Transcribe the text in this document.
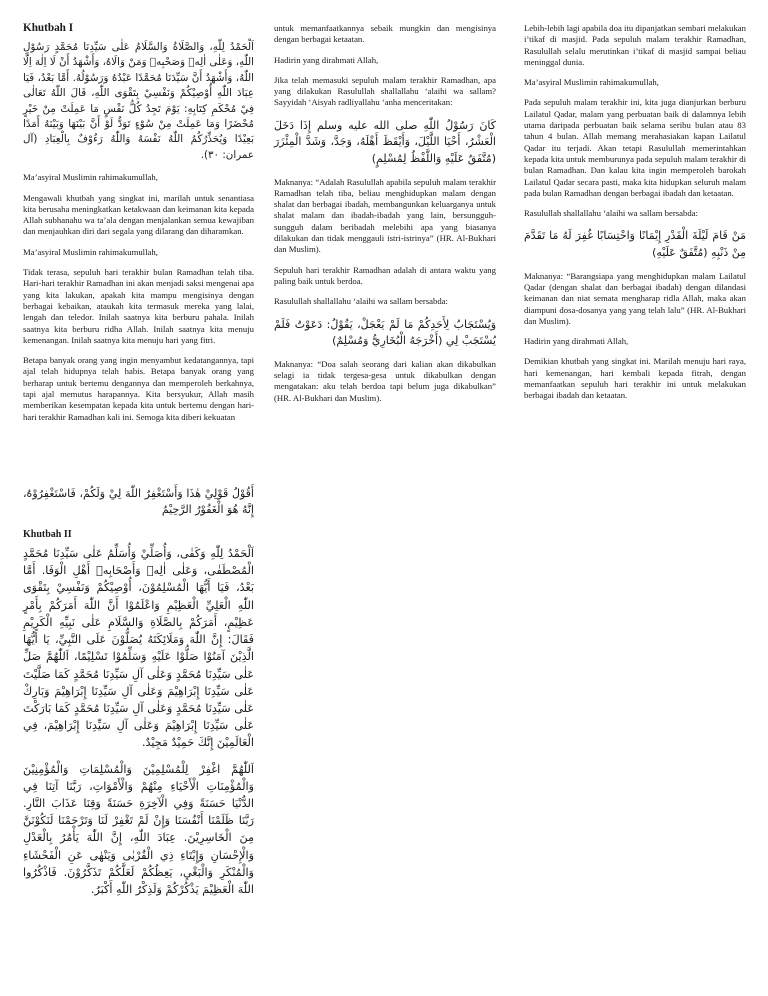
Khutbah I

اَلْحَمْدُ لِلّٰهِ، وَالصَّلَاةُ وَالسَّلَامُ عَلٰى سَيِّدِنَا مُحَمَّدٍ رَسُوْلِ اللّٰهِ، وَعَلٰى اٰلِهٖ وَصَحْبِهٖ وَمَنْ وَالَاهُ، وَأَشْهَدُ أَنْ لَا اِلٰهَ اِلَّا اللّٰهُ، وَأَشْهَدُ أَنَّ سَيِّدَنَا مُحَمَّدًا عَبْدُهُ وَرَسُوْلُهُ. أَمَّا بَعْدُ، فَيَا عِبَادَ اللّٰهِ أُوْصِيْكُمْ وَنَفْسِيْ بِتَقْوَى اللّٰهِ، قَالَ اللّٰهُ تَعَالٰى فِيْ مُحْكَمِ كِتَابِهِ: يَوْمَ تَجِدُ كُلُّ نَفْسٍ مَا عَمِلَتْ مِنْ خَيْرٍ مُحْضَرًا وَمَا عَمِلَتْ مِنْ سُوْءٍ تَوَدُّ لَوْ أَنَّ بَيْنَهَا وَبَيْنَهُ أَمَدًا بَعِيْدًا وَيُحَذِّرُكُمُ اللّٰهُ نَفْسَهُ وَاللّٰهُ رَءُوْفٌ بِالْعِبَادِ (آل عمران: ٣٠).

Ma’asyiral Muslimin rahimakumullah,

Mengawali khutbah yang singkat ini, marilah untuk senantiasa kita berusaha meningkatkan ketakwaan dan keimanan kita kepada Allah subhanahu wa ta’ala dengan menjalankan semua kewajiban dan menjauhkan diri dari segala yang dilarang dan diharamkan.

Ma’asyiral Muslimin rahimakumullah,

Tidak terasa, sepuluh hari terakhir bulan Ramadhan telah tiba. Hari-hari terakhir Ramadhan ini akan menjadi saksi mengenai apa yang kita lakukan, apakah kita mampu mengisinya dengan berbagai kebaikan, ataukah kita termasuk mereka yang lalai, lengah dan teledor. Inilah saatnya kita berburu pahala. Inilah saatnya kita berburu ridha Allah. Inilah saatnya kita menuju kemenangan. Inilah saatnya kita menuju hari yang fitri.

Betapa banyak orang yang ingin menyambut kedatangannya, tapi ajal telah hidupnya telah habis. Betapa banyak orang yang berharap untuk bertemu dengannya dan memperoleh berkahnya, tapi ajal memutus harapannya. Kita bersyukur, Allah masih memberikan kesempatan kepada kita untuk bertemu dengan hari-hari terakhir Ramadhan kali ini. Semoga kita diberi kekuatan

أَقُوْلُ قَوْلِيْ هٰذَا وَأَسْتَغْفِرُ اللّٰهَ لِيْ وَلَكُمْ، فَاسْتَغْفِرُوْهُ، إِنَّهُ هُوَ الْغَفُوْرُ الرَّحِيْمُ

Khutbah II

اَلْحَمْدُ لِلّٰهِ وَكَفٰى، وَأُصَلِّيْ وَأُسَلِّمُ عَلٰى سَيِّدِنَا مُحَمَّدٍ الْمُصْطَفٰى، وَعَلٰى اٰلِهٖ وَأَصْحَابِهٖ أَهْلِ الْوَفَا. أَمَّا بَعْدُ، فَيَا أَيُّهَا الْمُسْلِمُوْنَ، أُوْصِيْكُمْ وَنَفْسِيْ بِتَقْوَى اللّٰهِ الْعَلِيِّ الْعَظِيْمِ وَاعْلَمُوْا أَنَّ اللّٰهَ أَمَرَكُمْ بِأَمْرٍ عَظِيْمٍ، أَمَرَكُمْ بِالصَّلَاةِ وَالسَّلَامِ عَلٰى نَبِيِّهِ الْكَرِيْمِ فَقَالَ: إِنَّ اللّٰهَ وَمَلَائِكَتَهُ يُصَلُّوْنَ عَلَى النَّبِيِّ، يَا أَيُّهَا الَّذِيْنَ آمَنُوْا صَلُّوْا عَلَيْهِ وَسَلِّمُوْا تَسْلِيْمًا، اَللّٰهُمَّ صَلِّ عَلٰى سَيِّدِنَا مُحَمَّدٍ وَعَلٰى آلِ سَيِّدِنَا مُحَمَّدٍ كَمَا صَلَّيْتَ عَلٰى سَيِّدِنَا إِبْرَاهِيْمَ وَعَلٰى آلِ سَيِّدِنَا إِبْرَاهِيْمَ وَبَارِكْ عَلٰى سَيِّدِنَا مُحَمَّدٍ وَعَلٰى آلِ سَيِّدِنَا مُحَمَّدٍ كَمَا بَارَكْتَ عَلٰى سَيِّدِنَا إِبْرَاهِيْمَ وَعَلٰى آلِ سَيِّدِنَا إِبْرَاهِيْمَ، فِي الْعَالَمِيْنَ إِنَّكَ حَمِيْدٌ مَجِيْدٌ.

اَللّٰهُمَّ اغْفِرْ لِلْمُسْلِمِيْنَ وَالْمُسْلِمَاتِ وَالْمُؤْمِنِيْنَ وَالْمُؤْمِنَاتِ الْأَحْيَاءِ مِنْهُمْ وَالْأَمْوَاتِ، رَبَّنَا آتِنَا فِي الدُّنْيَا حَسَنَةً وَفِي الْآخِرَةِ حَسَنَةً وَقِنَا عَذَابَ النَّارِ. رَبَّنَا ظَلَمْنَا أَنْفُسَنَا وَإِنْ لَمْ تَغْفِرْ لَنَا وَتَرْحَمْنَا لَنَكُوْنَنَّ مِنَ الْخَاسِرِيْنَ. عِبَادَ اللّٰهِ، إِنَّ اللّٰهَ يَأْمُرُ بِالْعَدْلِ وَالْإِحْسَانِ وَإِيْتَاءِ ذِي الْقُرْبٰى وَيَنْهٰى عَنِ الْفَحْشَاءِ وَالْمُنْكَرِ وَالْبَغْيِ، يَعِظُكُمْ لَعَلَّكُمْ تَذَكَّرُوْنَ. فَاذْكُرُوا اللّٰهَ الْعَظِيْمَ يَذْكُرْكُمْ وَلَذِكْرُ اللّٰهِ أَكْبَرُ.

untuk memanfaatkannya sebaik mungkin dan mengisinya dengan berbagai ketaatan.

Hadirin yang dirahmati Allah,

Jika telah memasuki sepuluh malam terakhir Ramadhan, apa yang dilakukan Rasulullah shallallahu ‘alaihi wa sallam? Sayyidah ‘Aisyah radliyallahu ‘anha menceritakan:

كَانَ رَسُوْلُ اللّٰهِ صلى الله عليه وسلم إِذَا دَخَلَ الْعَشْرُ، أَحْيَا اللَّيْلَ، وَأَيْقَظَ أَهْلَهُ، وَجَدَّ، وَشَدَّ الْمِئْزَرَ (مُتَّفَقٌ عَلَيْهِ وَاللَّفْظُ لِمُسْلِمٍ)

Maknanya: “Adalah Rasulullah apabila sepuluh malam terakhir Ramadhan telah tiba, beliau menghidupkan malam dengan shalat dan berbagai ibadah, membangunkan keluarganya untuk shalat malam dan ibadah-ibadah yang lain, bersungguh-sungguh dalam beribadah melebihi apa yang biasanya dilakukan dan tidak menggauli istri-istrinya” (HR. Al-Bukhari dan Muslim).

Sepuluh hari terakhir Ramadhan adalah di antara waktu yang paling baik untuk berdoa.

Rasulullah shallallahu ‘alaihi wa sallam bersabda:

وَيُسْتَجَابُ لِأَحَدِكُمْ مَا لَمْ يَعْجَلْ، يَقُوْلُ: دَعَوْتُ فَلَمْ يُسْتَجَبْ لِي (أَخْرَجَهُ الْبُخَارِيُّ وَمُسْلِمٌ)

Maknanya: “Doa salah seorang dari kalian akan dikabulkan selagi ia tidak tergesa-gesa untuk dikabulkan dengan mengatakan: aku telah berdoa tapi belum juga dikabulkan” (HR. Al-Bukhari dan Muslim).

Lebih-lebih lagi apabila doa itu dipanjatkan sembari melakukan i’tikaf di masjid. Pada sepuluh malam terakhir Ramadhan, Rasulullah selalu merutinkan i’tikaf di masjid sampai beliau meninggal dunia.

Ma’asyiral Muslimin rahimakumullah,

Pada sepuluh malam terakhir ini, kita juga dianjurkan berburu Lailatul Qadar, malam yang perbuatan baik di dalamnya lebih utama daripada perbuatan baik selama seribu bulan atau 83 tahun 4 bulan. Allah memang merahasiakan kapan Lailatul Qadar itu terjadi. Akan tetapi Rasulullah memerintahkan kepada kita untuk memburunya pada sepuluh malam terakhir di bulan Ramadhan. Dan kalau kita ingin memperoleh barokah Lailatul Qadar secara pasti, maka kita hidupkan seluruh malam pada bulan Ramadhan dengan berbagai ibadah dan ketaatan.

Rasulullah shallallahu ‘alaihi wa sallam bersabda:

مَنْ قَامَ لَيْلَةَ الْقَدْرِ إِيْمَانًا وَاحْتِسَابًا غُفِرَ لَهُ مَا تَقَدَّمَ مِنْ ذَنْبِهِ (مُتَّفَقٌ عَلَيْهِ)

Maknanya: “Barangsiapa yang menghidupkan malam Lailatul Qadar (dengan shalat dan berbagai ibadah) dengan dilandasi keimanan dan niat semata mengharap ridla Allah, maka akan diampuni dosa-dosanya yang yang telah lalu” (HR. Al-Bukhari dan Muslim).

Hadirin yang dirahmati Allah,

Demikian khutbah yang singkat ini. Marilah menuju hari raya, hari kemenangan, hari kembali kepada fitrah, dengan memanfaatkan sepuluh hari terakhir ini untuk melakukan berbagai ibadah dan ketaatan.
